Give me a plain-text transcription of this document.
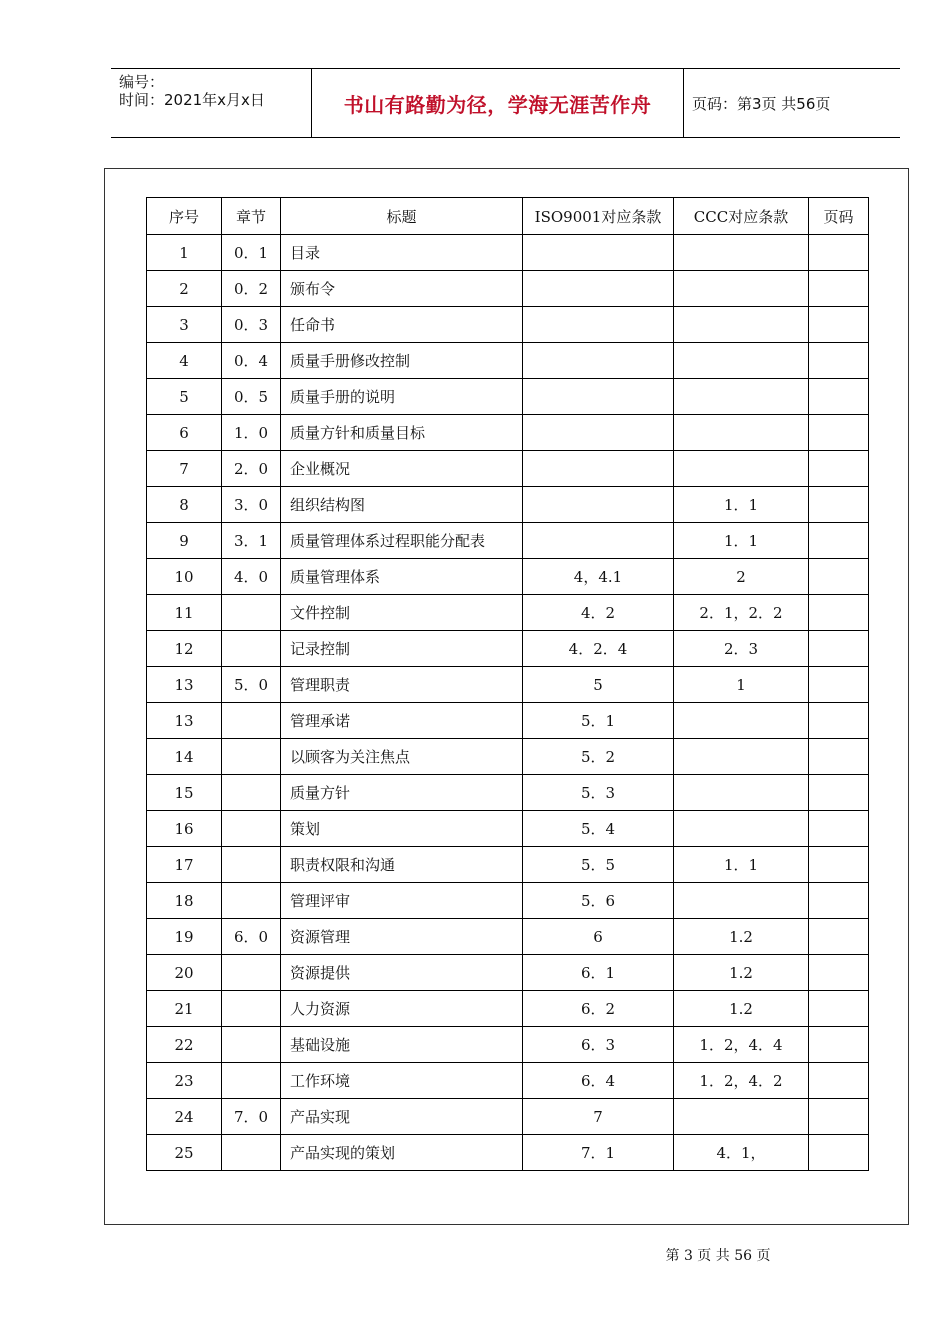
编号：
时间：2021年x月x日	书山有路勤为径，学海无涯苦作舟	页码：第3页 共56页
序号	章节	标题	ISO9001对应条款	CCC对应条款	页码
1	0．1	目录			
2	0．2	颁布令			
3	0．3	任命书			
4	0．4	质量手册修改控制			
5	0．5	质量手册的说明			
6	1．0	质量方针和质量目标			
7	2．0	企业概况			
8	3．0	组织结构图		1．1	
9	3．1	质量管理体系过程职能分配表		1．1	
10	4．0	质量管理体系	4，4.1	2	
11		文件控制	4．2	2．1，2．2	
12		记录控制	4．2．4	2．3	
13	5．0	管理职责	5	1	
13		管理承诺	5．1		
14		以顾客为关注焦点	5．2		
15		质量方针	5．3		
16		策划	5．4		
17		职责权限和沟通	5．5	1．1	
18		管理评审	5．6		
19	6．0	资源管理	6	1.2	
20		资源提供	6．1	1.2	
21		人力资源	6．2	1.2	
22		基础设施	6．3	1．2，4．4	
23		工作环境	6．4	1．2，4．2	
24	7．0	产品实现	7		
25		产品实现的策划	7．1	4．1，	
第 3 页 共 56 页
